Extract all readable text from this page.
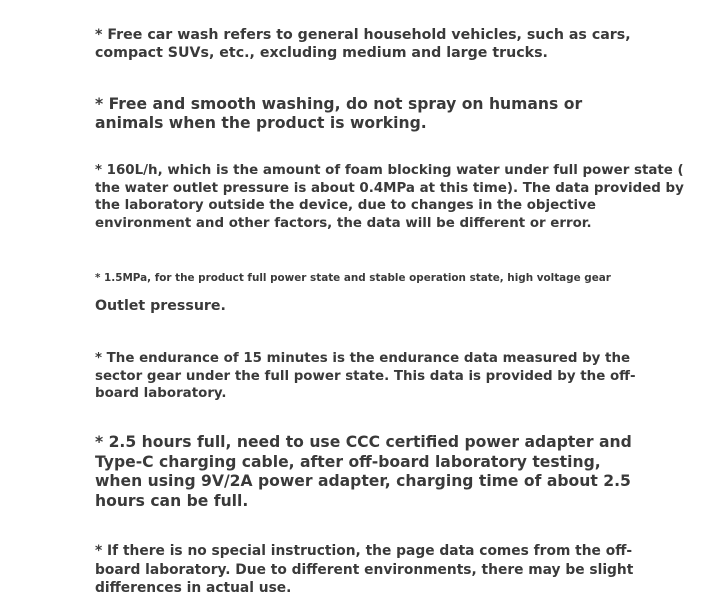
* Free car wash refers to general household vehicles, such as cars,
compact SUVs, etc., excluding medium and large trucks.

* Free and smooth washing, do not spray on humans or
animals when the product is working.

* 160L/h, which is the amount of foam blocking water under full power state (
the water outlet pressure is about 0.4MPa at this time). The data provided by
the laboratory outside the device, due to changes in the objective
environment and other factors, the data will be different or error.

* 1.5MPa, for the product full power state and stable operation state, high voltage gear

Outlet pressure.

* The endurance of 15 minutes is the endurance data measured by the
sector gear under the full power state. This data is provided by the off-
board laboratory.

* 2.5 hours full, need to use CCC certified power adapter and
Type-C charging cable, after off-board laboratory testing,
when using 9V/2A power adapter, charging time of about 2.5
hours can be full.

* If there is no special instruction, the page data comes from the off-
board laboratory. Due to different environments, there may be slight
differences in actual use.
